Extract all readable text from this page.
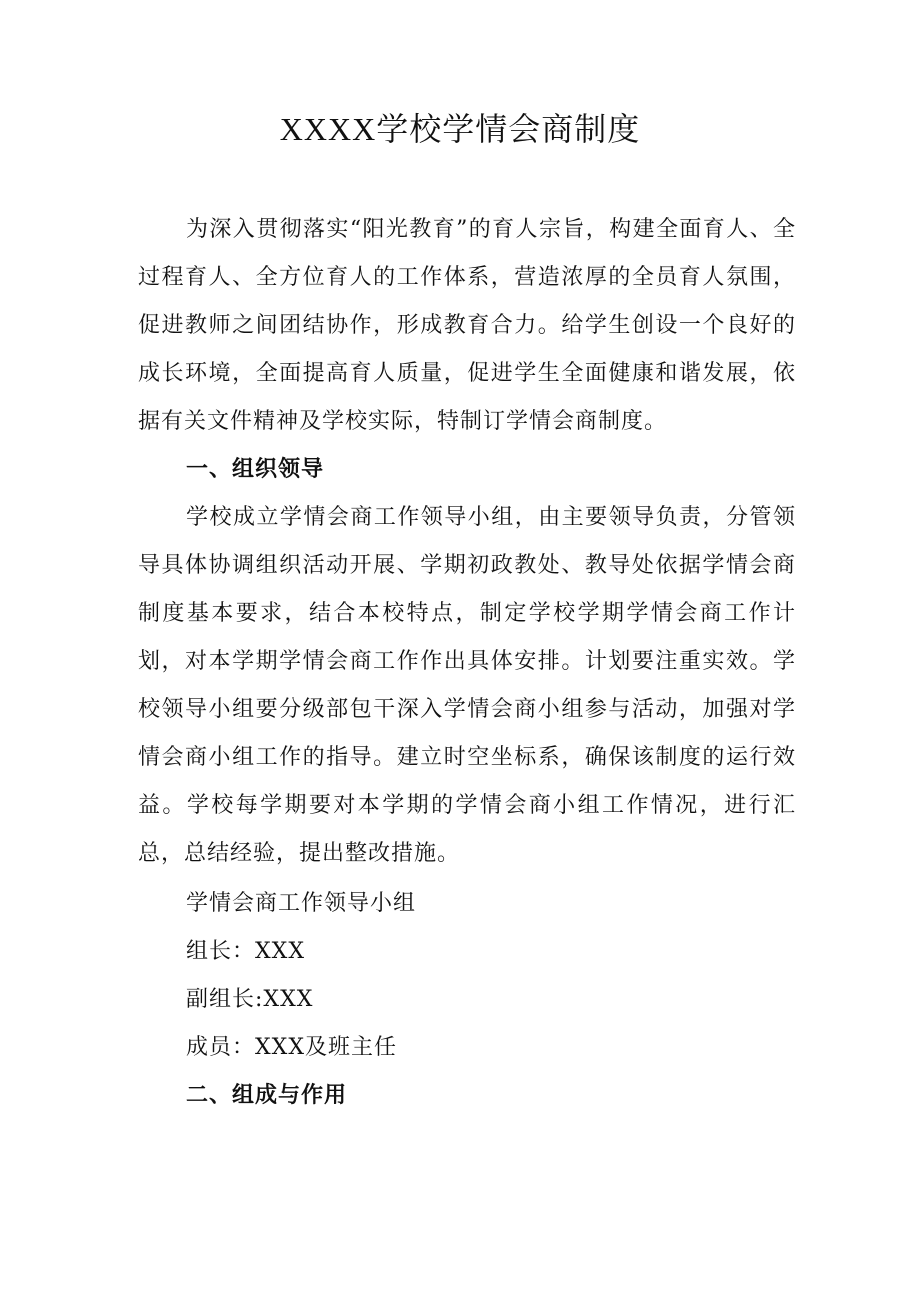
XXXX学校学情会商制度

为深入贯彻落实“阳光教育”的育人宗旨，构建全面育人、全过程育人、全方位育人的工作体系，营造浓厚的全员育人氛围，促进教师之间团结协作，形成教育合力。给学生创设一个良好的成长环境，全面提高育人质量，促进学生全面健康和谐发展，依据有关文件精神及学校实际，特制订学情会商制度。

一、组织领导

学校成立学情会商工作领导小组，由主要领导负责，分管领导具体协调组织活动开展、学期初政教处、教导处依据学情会商制度基本要求，结合本校特点，制定学校学期学情会商工作计划，对本学期学情会商工作作出具体安排。计划要注重实效。学校领导小组要分级部包干深入学情会商小组参与活动，加强对学情会商小组工作的指导。建立时空坐标系，确保该制度的运行效益。学校每学期要对本学期的学情会商小组工作情况，进行汇总，总结经验，提出整改措施。

学情会商工作领导小组

组长：XXX

副组长:XXX

成员：XXX及班主任

二、组成与作用
